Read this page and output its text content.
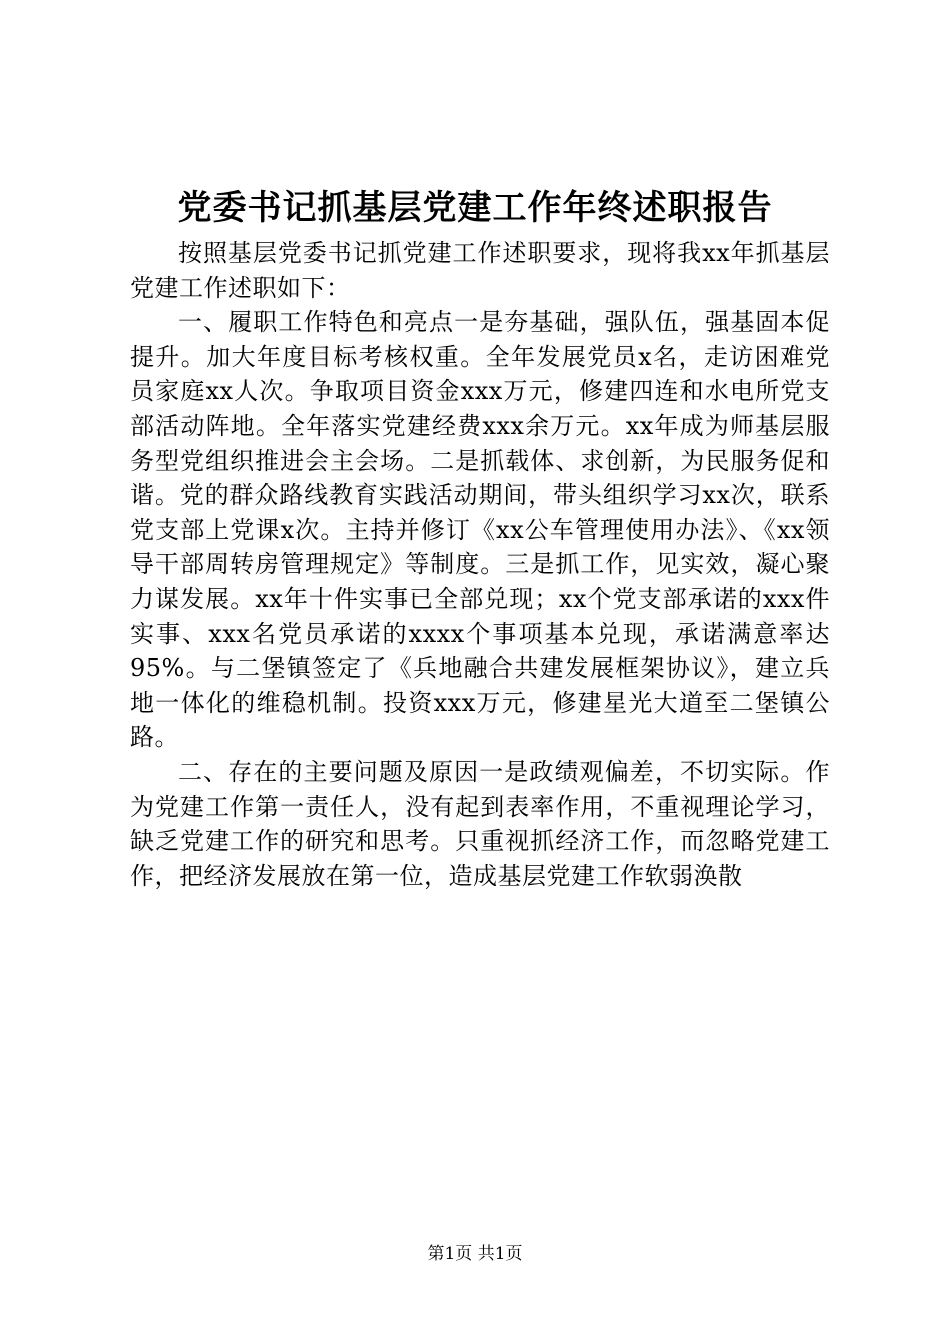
党委书记抓基层党建工作年终述职报告

按照基层党委书记抓党建工作述职要求，现将我xx年抓基层党建工作述职如下：

一、履职工作特色和亮点一是夯基础，强队伍，强基固本促提升。加大年度目标考核权重。全年发展党员x名，走访困难党员家庭xx人次。争取项目资金xxx万元，修建四连和水电所党支部活动阵地。全年落实党建经费xxx余万元。xx年成为师基层服务型党组织推进会主会场。二是抓载体、求创新，为民服务促和谐。党的群众路线教育实践活动期间，带头组织学习xx次，联系党支部上党课x次。主持并修订《xx公车管理使用办法》、《xx领导干部周转房管理规定》等制度。三是抓工作，见实效，凝心聚力谋发展。xx年十件实事已全部兑现；xx个党支部承诺的xxx件实事、xxx名党员承诺的xxxx个事项基本兑现，承诺满意率达95%。与二堡镇签定了《兵地融合共建发展框架协议》，建立兵地一体化的维稳机制。投资xxx万元，修建星光大道至二堡镇公路。

二、存在的主要问题及原因一是政绩观偏差，不切实际。作为党建工作第一责任人，没有起到表率作用，不重视理论学习，缺乏党建工作的研究和思考。只重视抓经济工作，而忽略党建工作，把经济发展放在第一位，造成基层党建工作软弱涣散

第1页 共1页
